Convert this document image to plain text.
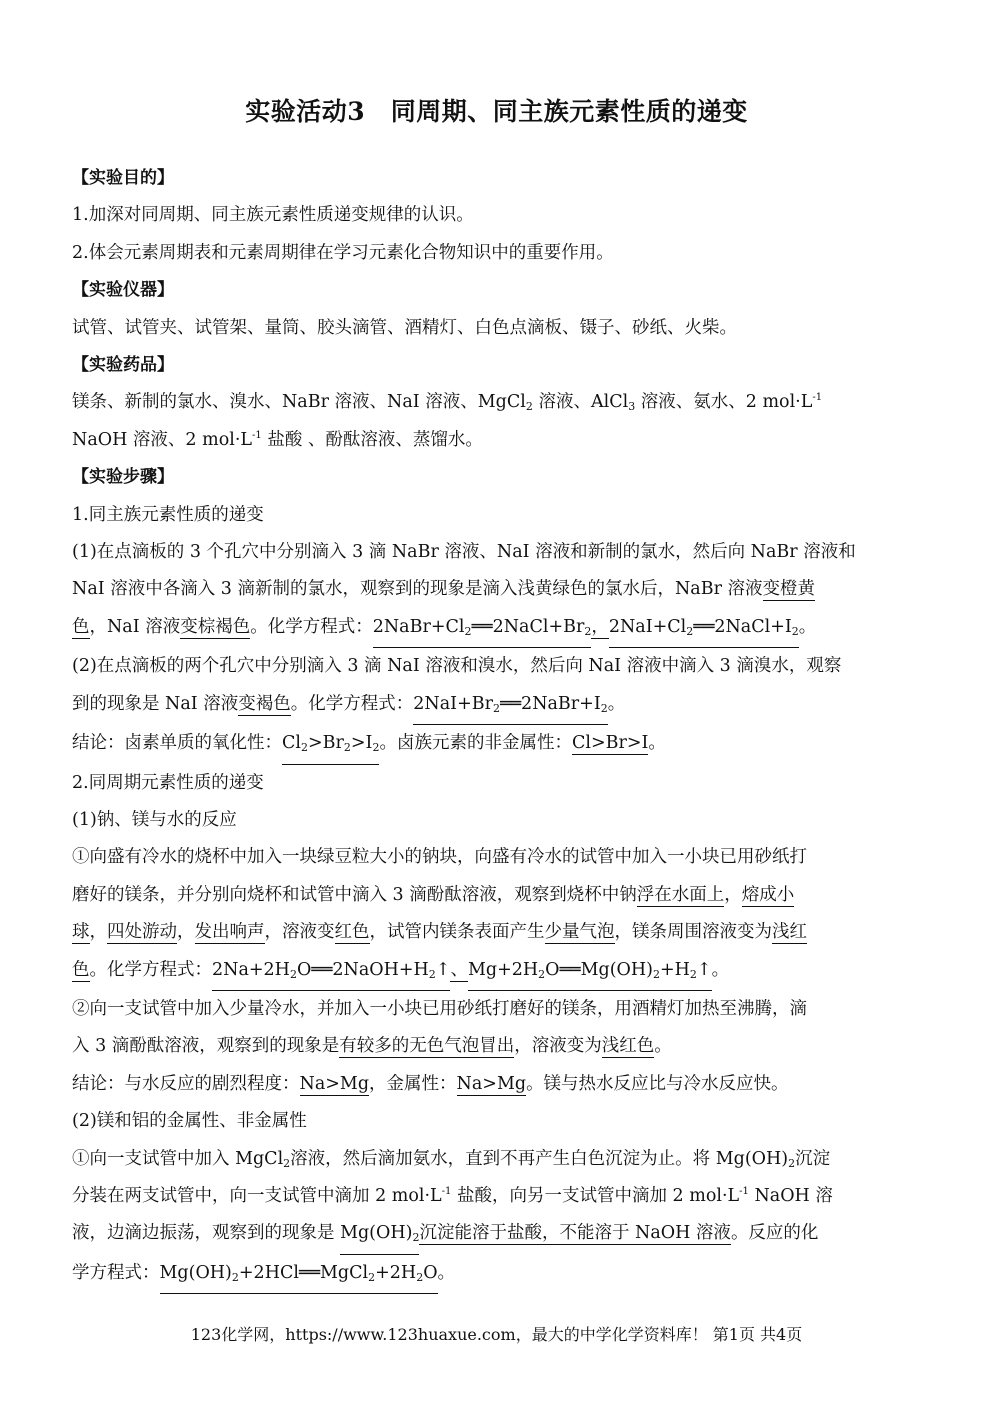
实验活动3　同周期、同主族元素性质的递变
【实验目的】
1.加深对同周期、同主族元素性质递变规律的认识。
2.体会元素周期表和元素周期律在学习元素化合物知识中的重要作用。
【实验仪器】
试管、试管夹、试管架、量筒、胶头滴管、酒精灯、白色点滴板、镊子、砂纸、火柴。
【实验药品】
镁条、新制的氯水、溴水、NaBr 溶液、NaI 溶液、MgCl$_2$ 溶液、AlCl$_3$ 溶液、氨水、2 $mol\cdot L^{-1}$
NaOH 溶液、2 $mol\cdot L^{-1}$ 盐酸 、酚酞溶液、蒸馏水。
【实验步骤】
1.同主族元素性质的递变
(1)在点滴板的 3 个孔穴中分别滴入 3 滴 NaBr 溶液、NaI 溶液和新制的氯水，然后向 NaBr 溶液和
NaI 溶液中各滴入 3 滴新制的氯水，观察到的现象是滴入浅黄绿色的氯水后，NaBr 溶液变橙黄
色，NaI 溶液变棕褐色。化学方程式：$2NaBr+Cl_2══2NaCl+Br_2$，$2NaI+Cl_2══2NaCl+I_2$。
(2)在点滴板的两个孔穴中分别滴入 3 滴 NaI 溶液和溴水，然后向 NaI 溶液中滴入 3 滴溴水，观察
到的现象是 NaI 溶液变褐色。化学方程式：$2NaI+Br_2══2NaBr+I_2$。
结论：卤素单质的氧化性：$Cl_2>Br_2>I_2$。卤族元素的非金属性：Cl>Br>I。
2.同周期元素性质的递变
(1)钠、镁与水的反应
①向盛有冷水的烧杯中加入一块绿豆粒大小的钠块，向盛有冷水的试管中加入一小块已用砂纸打
磨好的镁条，并分别向烧杯和试管中滴入 3 滴酚酞溶液，观察到烧杯中钠浮在水面上，熔成小
球，四处游动，发出响声，溶液变红色，试管内镁条表面产生少量气泡，镁条周围溶液变为浅红
色。化学方程式：$2Na+2H_2O══2NaOH+H_2↑$、$Mg+2H_2O══Mg(OH)_2+H_2↑$。
②向一支试管中加入少量冷水，并加入一小块已用砂纸打磨好的镁条，用酒精灯加热至沸腾，滴
入 3 滴酚酞溶液，观察到的现象是有较多的无色气泡冒出，溶液变为浅红色。
结论：与水反应的剧烈程度：Na>Mg，金属性：Na>Mg。镁与热水反应比与冷水反应快。
(2)镁和铝的金属性、非金属性
①向一支试管中加入 MgCl$_2$溶液，然后滴加氨水，直到不再产生白色沉淀为止。将 $Mg(OH)_2$沉淀
分装在两支试管中，向一支试管中滴加 2 $mol\cdot L^{-1}$ 盐酸，向另一支试管中滴加 2 $mol\cdot L^{-1}$ NaOH 溶
液，边滴边振荡，观察到的现象是 $Mg(OH)_2$沉淀能溶于盐酸，不能溶于 NaOH 溶液。反应的化
学方程式：$Mg(OH)_2+2HCl══MgCl_2+2H_2O$。
123化学网，https://www.123huaxue.com，最大的中学化学资料库！ 第1页 共4页
